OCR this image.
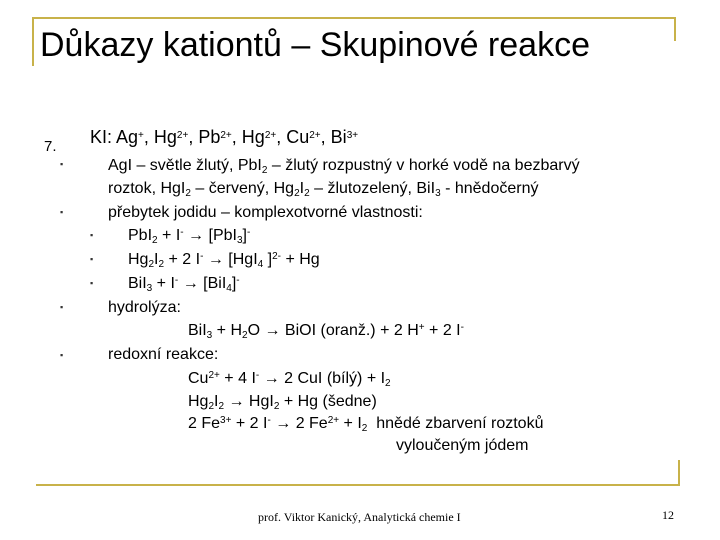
Důkazy kationtů – Skupinové reakce
7. KI: Ag+, $Hg^{2+}$, $Pb^{2+}$, $Hg^{2+}$, $Cu^{2+}$, $Bi^{3+}$
▪
▪
▪
▪
▪
▪
▪
AgI – světle žlutý, PbI$_2$ – žlutý rozpustný v horké vodě na bezbarvý
roztok, HgI$_2$ – červený, $Hg_2I_2$ – žlutozelený, BiI$_3$ - hnědočerný
přebytek jodidu – komplexotvorné vlastnosti:
PbI$_2$ + I- → [PbI$_3$]-
$Hg_2I_2 + 2$ I- → [HgI$_4$ ]$^{2-}$ + Hg
BiI$_3$ + I- → [BiI$_4$]-
hydrolýza:
$BiI_3 + H_2O$ → BiOI (oranž.) + 2 H+ + 2 I-
redoxní reakce:
$Cu^{2+} + 4$ I- → 2 CuI (bílý) + $I_2$
$Hg_2I_2 \to HgI_2 + Hg$ (šedne)
2 $Fe^{3+} + 2$ I- → 2 $Fe^{2+} + I_2$  hnědé zbarvení roztoků
vyloučeným jódem
prof. Viktor Kanický, Analytická chemie I	12
